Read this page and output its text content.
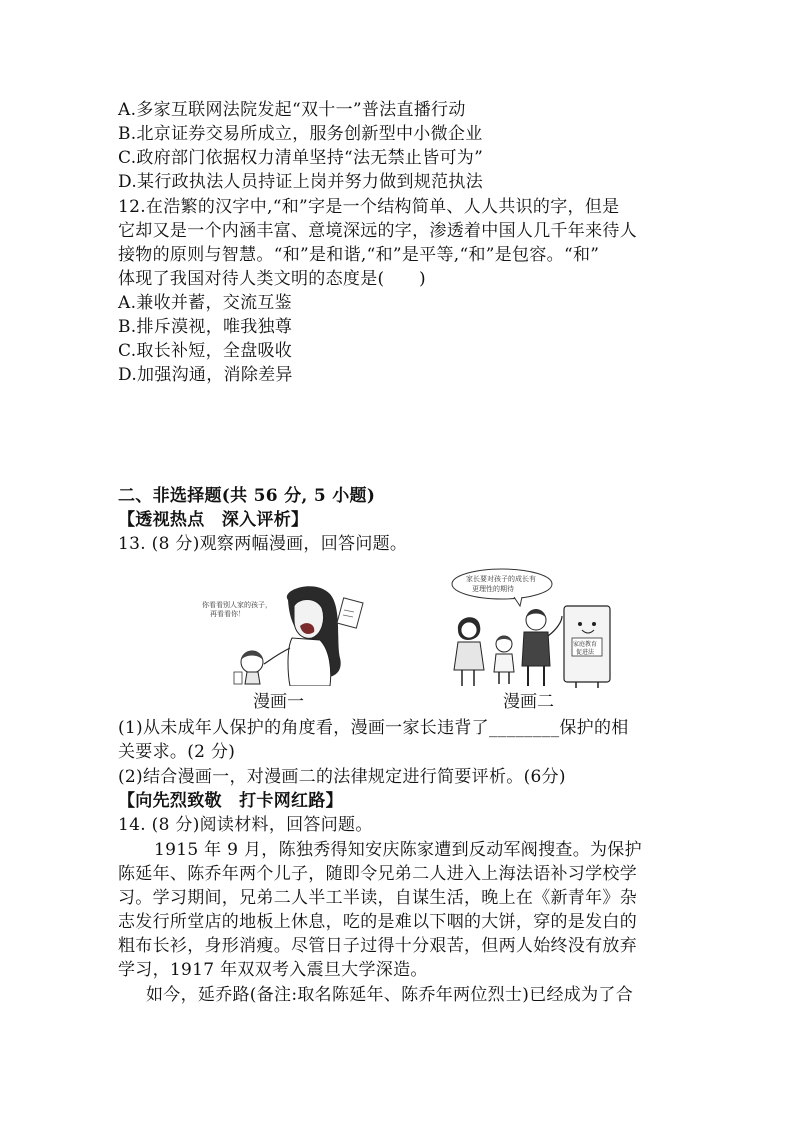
A.多家互联网法院发起“双十一”普法直播行动
B.北京证券交易所成立，服务创新型中小微企业
C.政府部门依据权力清单坚持“法无禁止皆可为”
D.某行政执法人员持证上岗并努力做到规范执法
12.在浩繁的汉字中,“和”字是一个结构简单、人人共识的字，但是
它却又是一个内涵丰富、意境深远的字，渗透着中国人几千年来待人
接物的原则与智慧。“和”是和谐,“和”是平等,“和”是包容。“和”
体现了我国对待人类文明的态度是(　　)
A.兼收并蓄，交流互鉴
B.排斥漠视，唯我独尊
C.取长补短，全盘吸收
D.加强沟通，消除差异
二、非选择题(共 56 分, 5 小题)
【透视热点　深入评析】
13. (8 分)观察两幅漫画，回答问题。
你看看别人家的孩子，
再看看你！
漫画一
家长要对孩子的成长有
更理性的期待
家庭教育
促进法
漫画二
(1)从未成年人保护的角度看，漫画一家长违背了________保护的相
关要求。(2 分)
(2)结合漫画一，对漫画二的法律规定进行简要评析。(6分)
【向先烈致敬　打卡网红路】
14. (8 分)阅读材料，回答问题。
1915 年 9 月，陈独秀得知安庆陈家遭到反动军阀搜查。为保护
陈延年、陈乔年两个儿子，随即令兄弟二人进入上海法语补习学校学
习。学习期间，兄弟二人半工半读，自谋生活，晚上在《新青年》杂
志发行所堂店的地板上休息，吃的是难以下咽的大饼，穿的是发白的
粗布长衫，身形消瘦。尽管日子过得十分艰苦，但两人始终没有放弃
学习，1917 年双双考入震旦大学深造。
如今，延乔路(备注:取名陈延年、陈乔年两位烈士)已经成为了合
